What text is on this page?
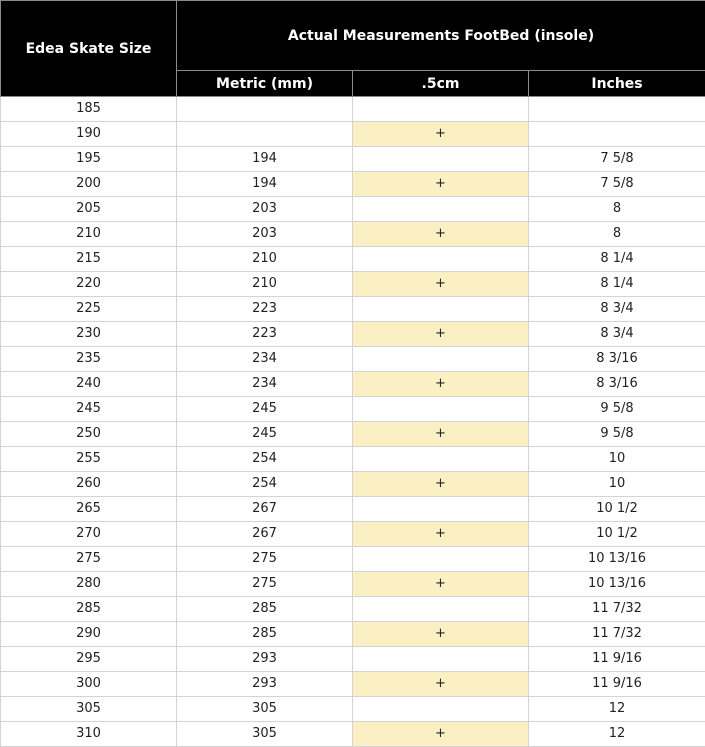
Edea Skate Size	Actual Measurements FootBed (insole)		
	Metric (mm)	.5cm	Inches
185			
190		+	
195	194		7 5/8
200	194	+	7 5/8
205	203		8
210	203	+	8
215	210		8 1/4
220	210	+	8 1/4
225	223		8 3/4
230	223	+	8 3/4
235	234		8 3/16
240	234	+	8 3/16
245	245		9 5/8
250	245	+	9 5/8
255	254		10
260	254	+	10
265	267		10 1/2
270	267	+	10 1/2
275	275		10 13/16
280	275	+	10 13/16
285	285		11 7/32
290	285	+	11 7/32
295	293		11 9/16
300	293	+	11 9/16
305	305		12
310	305	+	12
